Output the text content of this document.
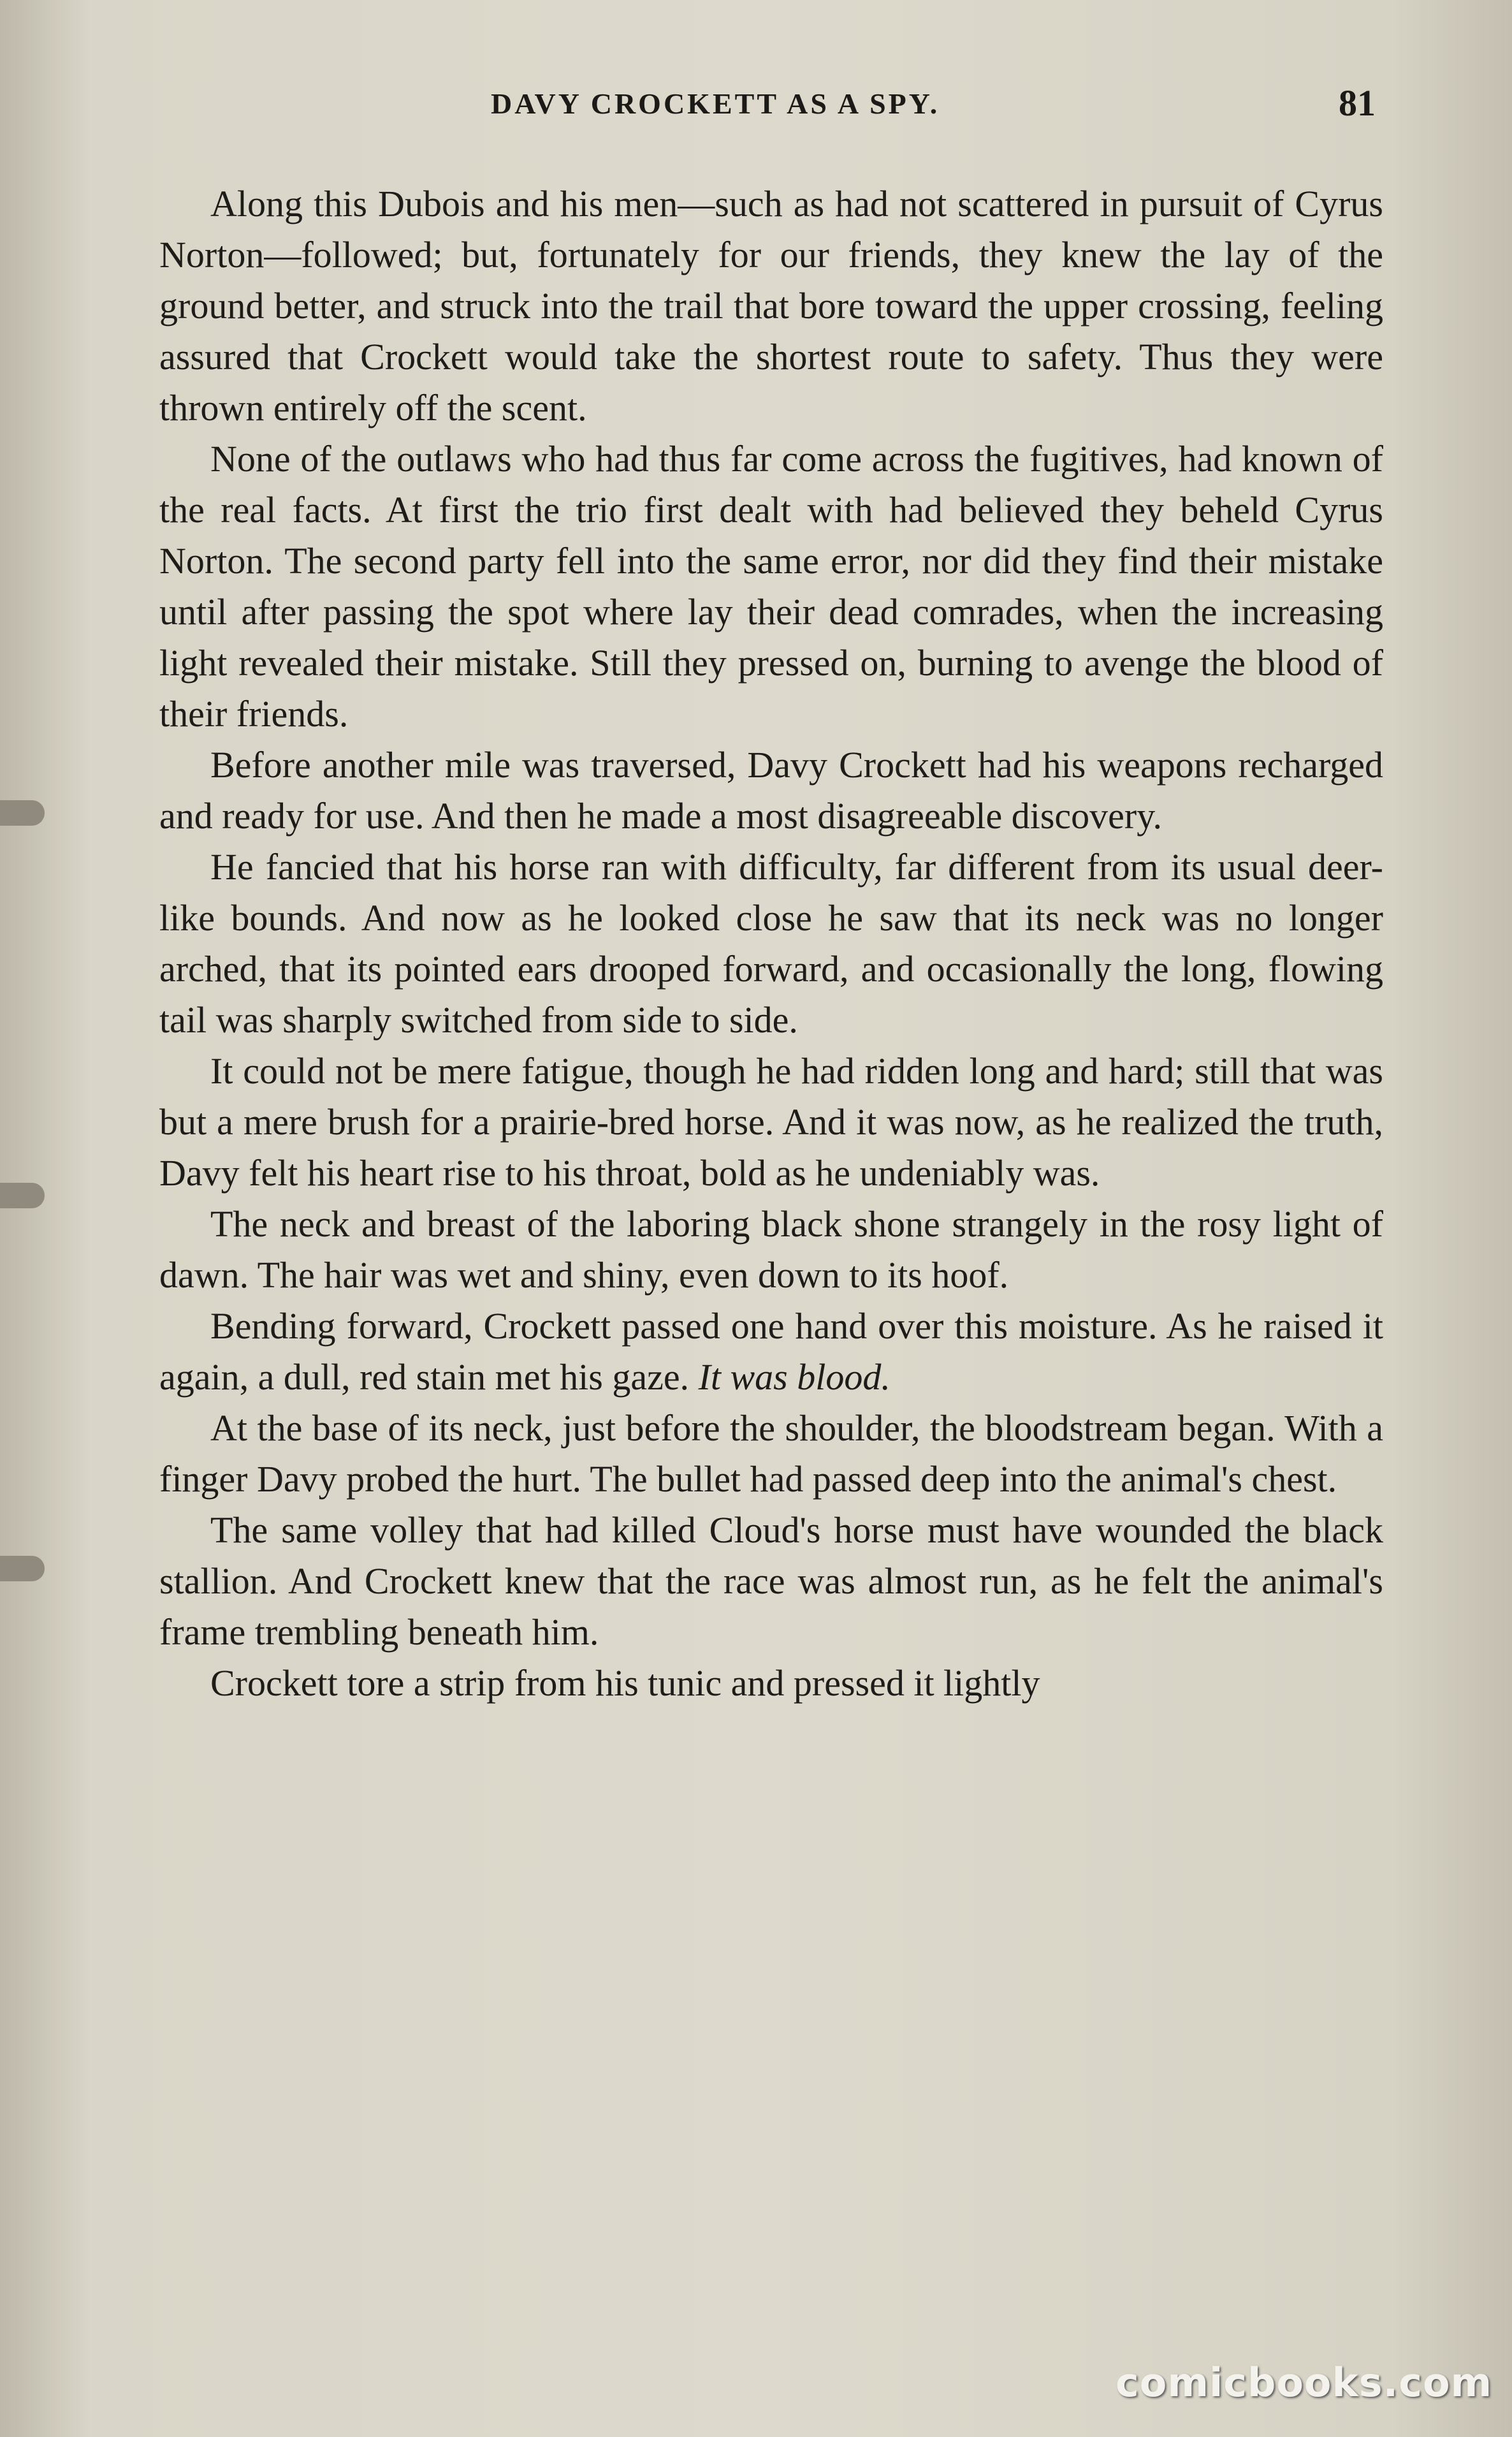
DAVY CROCKETT AS A SPY.	81

Along this Dubois and his men—such as had not scattered in pursuit of Cyrus Norton—followed; but, fortunately for our friends, they knew the lay of the ground better, and struck into the trail that bore toward the upper crossing, feeling assured that Crockett would take the shortest route to safety. Thus they were thrown entirely off the scent.

None of the outlaws who had thus far come across the fugitives, had known of the real facts. At first the trio first dealt with had believed they beheld Cyrus Norton. The second party fell into the same error, nor did they find their mistake until after passing the spot where lay their dead comrades, when the increasing light revealed their mistake. Still they pressed on, burning to avenge the blood of their friends.

Before another mile was traversed, Davy Crockett had his weapons recharged and ready for use. And then he made a most disagreeable discovery.

He fancied that his horse ran with difficulty, far different from its usual deer-like bounds. And now as he looked close he saw that its neck was no longer arched, that its pointed ears drooped forward, and occasionally the long, flowing tail was sharply switched from side to side.

It could not be mere fatigue, though he had ridden long and hard; still that was but a mere brush for a prairie-bred horse. And it was now, as he realized the truth, Davy felt his heart rise to his throat, bold as he undeniably was.

The neck and breast of the laboring black shone strangely in the rosy light of dawn. The hair was wet and shiny, even down to its hoof.

Bending forward, Crockett passed one hand over this moisture. As he raised it again, a dull, red stain met his gaze. It was blood.

At the base of its neck, just before the shoulder, the bloodstream began. With a finger Davy probed the hurt. The bullet had passed deep into the animal's chest.

The same volley that had killed Cloud's horse must have wounded the black stallion. And Crockett knew that the race was almost run, as he felt the animal's frame trembling beneath him.

Crockett tore a strip from his tunic and pressed it lightly

comicbooks.com
